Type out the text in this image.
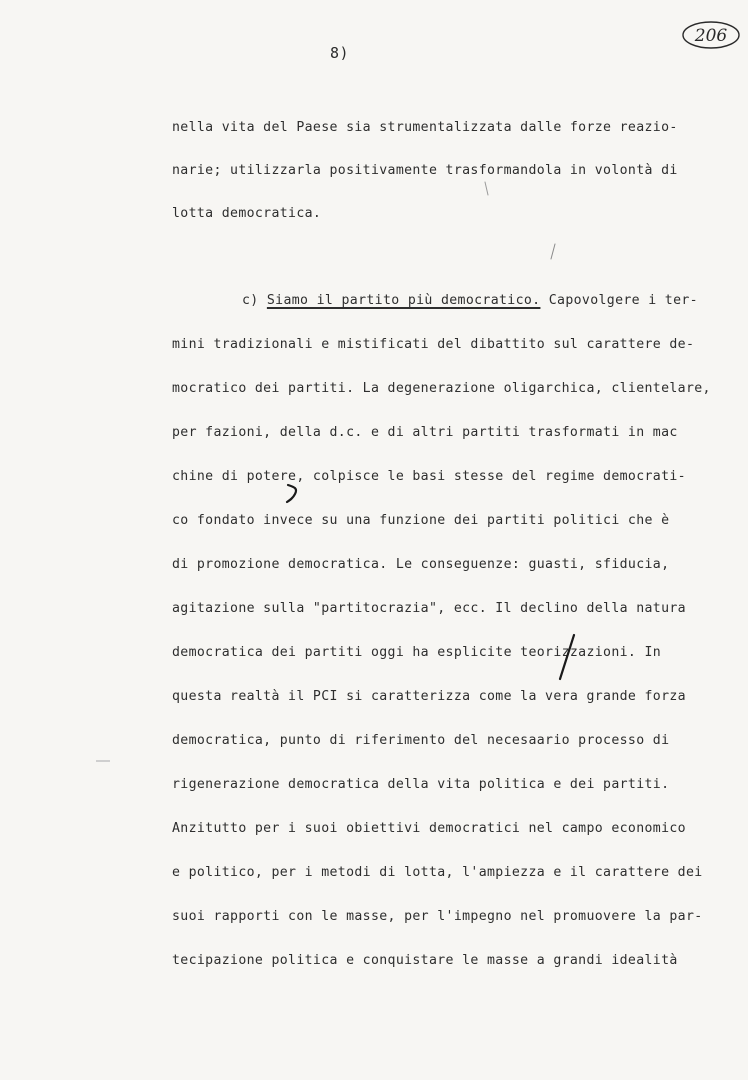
8)
206
nella vita del Paese sia strumentalizzata dalle forze reazio-
narie; utilizzarla positivamente trasformandola in volontà di
lotta democratica.
c) Siamo il partito più democratico. Capovolgere i ter-
mini tradizionali e mistificati del dibattito sul carattere de-
mocratico dei partiti. La degenerazione oligarchica, clientelare,
per fazioni, della d.c. e di altri partiti trasformati in mac
chine di potere, colpisce le basi stesse del regime democrati-
co fondato invece su una funzione dei partiti politici che è
di promozione democratica. Le conseguenze: guasti, sfiducia,
agitazione sulla "partitocrazia", ecc. Il declino della natura
democratica dei partiti oggi ha esplicite teorizzazioni. In
questa realtà il PCI si caratterizza come la vera grande forza
democratica, punto di riferimento del necesaario processo di
rigenerazione democratica della vita politica e dei partiti.
Anzitutto per i suoi obiettivi democratici nel campo economico
e politico, per i metodi di lotta, l'ampiezza e il carattere dei
suoi rapporti con le masse, per l'impegno nel promuovere la par-
tecipazione politica e conquistare le masse a grandi idealità
